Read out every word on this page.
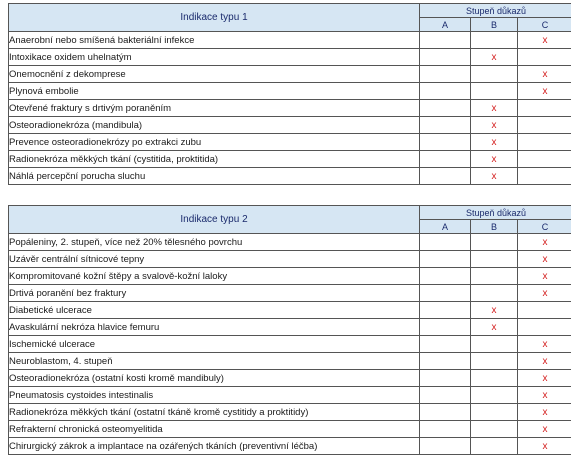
Indikace typu 1	Stupeň důkazů		
	A	B	C
Anaerobní nebo smíšená bakteriální infekce			x
Intoxikace oxidem uhelnatým		x	
Onemocnění z dekomprese			x
Plynová embolie			x
Otevřené fraktury s drtivým poraněním		x	
Osteoradionekróza (mandibula)		x	
Prevence osteoradionekrózy po extrakci zubu		x	
Radionekróza měkkých tkání (cystitida, proktitida)		x	
Náhlá percepční porucha sluchu		x	
Indikace typu 2	Stupeň důkazů		
	A	B	C
Popáleniny, 2. stupeň, více než 20% tělesného povrchu			x
Uzávěr centrální sítnicové tepny			x
Kompromitované kožní štěpy a svalově-kožní laloky			x
Drtivá poranění bez fraktury			x
Diabetické ulcerace		x	
Avaskulární nekróza hlavice femuru		x	
Ischemické ulcerace			x
Neuroblastom, 4. stupeň			x
Osteoradionekróza (ostatní kosti kromě mandibuly)			x
Pneumatosis cystoides intestinalis			x
Radionekróza měkkých tkání (ostatní tkáně kromě cystitidy a proktitidy)			x
Refrakterní chronická osteomyelitida			x
Chirurgický zákrok a implantace na ozářených tkáních (preventivní léčba)			x
